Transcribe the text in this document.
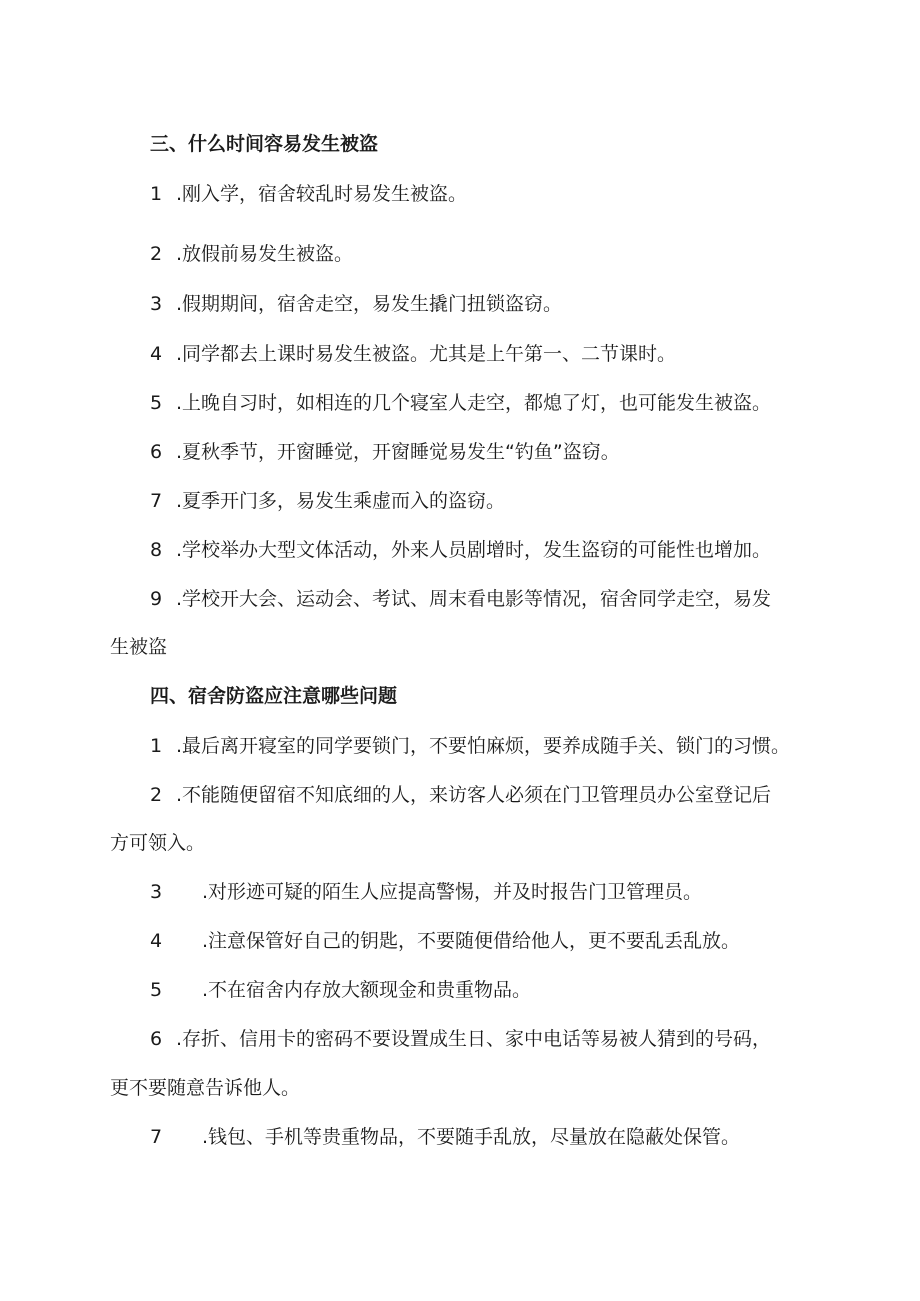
三、什么时间容易发生被盗

1 .刚入学，宿舍较乱时易发生被盗。

2 .放假前易发生被盗。

3 .假期期间，宿舍走空，易发生撬门扭锁盗窃。

4 .同学都去上课时易发生被盗。尤其是上午第一、二节课时。

5 .上晚自习时，如相连的几个寝室人走空，都熄了灯，也可能发生被盗。

6 .夏秋季节，开窗睡觉，开窗睡觉易发生“钓鱼”盗窃。

7 .夏季开门多，易发生乘虚而入的盗窃。

8 .学校举办大型文体活动，外来人员剧增时，发生盗窃的可能性也增加。

9 .学校开大会、运动会、考试、周末看电影等情况，宿舍同学走空，易发

生被盗

四、宿舍防盗应注意哪些问题

1 .最后离开寝室的同学要锁门，不要怕麻烦，要养成随手关、锁门的习惯。

2 .不能随便留宿不知底细的人，来访客人必须在门卫管理员办公室登记后

方可领入。

3 .对形迹可疑的陌生人应提高警惕，并及时报告门卫管理员。

4 .注意保管好自己的钥匙，不要随便借给他人，更不要乱丢乱放。

5 .不在宿舍内存放大额现金和贵重物品。

6 .存折、信用卡的密码不要设置成生日、家中电话等易被人猜到的号码，

更不要随意告诉他人。

7 .钱包、手机等贵重物品，不要随手乱放，尽量放在隐蔽处保管。
